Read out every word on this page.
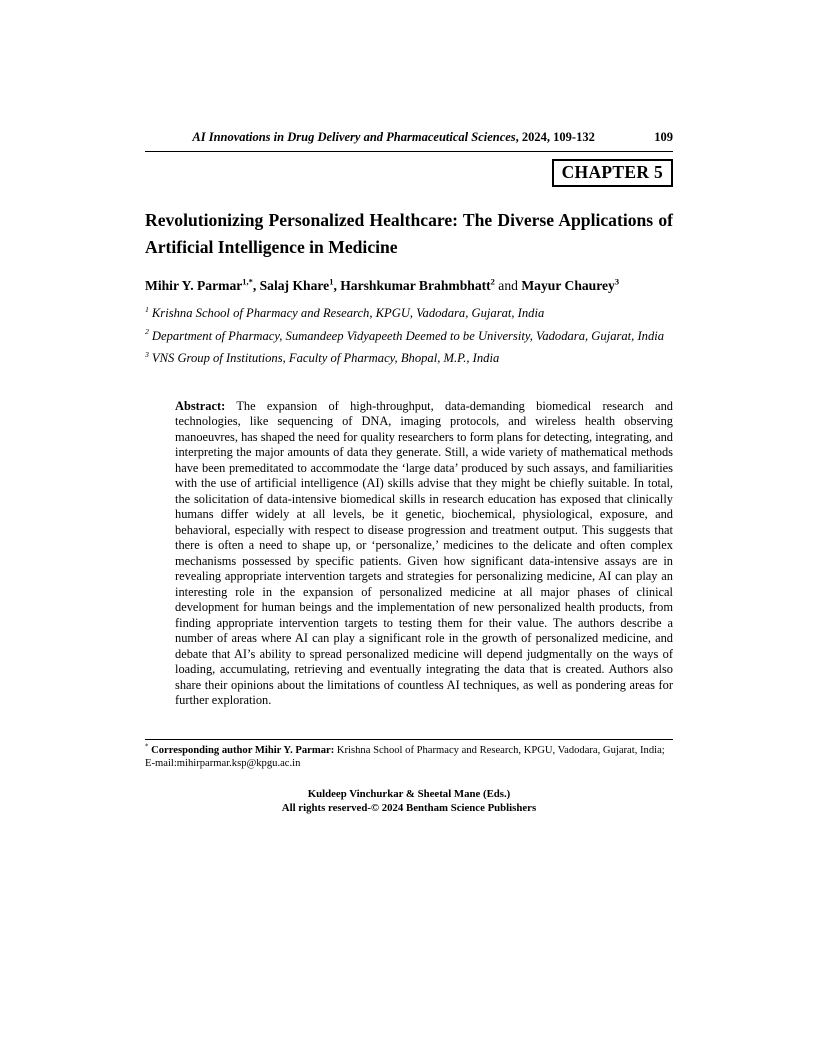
AI Innovations in Drug Delivery and Pharmaceutical Sciences, 2024, 109-132	109
CHAPTER 5
Revolutionizing Personalized Healthcare: The Diverse Applications of Artificial Intelligence in Medicine
Mihir Y. Parmar$^{1,*}$, Salaj Khare$^1$, Harshkumar Brahmbhatt$^2$ and Mayur Chaurey$^3$

$^1$ Krishna School of Pharmacy and Research, KPGU, Vadodara, Gujarat, India

$^2$ Department of Pharmacy, Sumandeep Vidyapeeth Deemed to be University, Vadodara, Gujarat, India

$^3$ VNS Group of Institutions, Faculty of Pharmacy, Bhopal, M.P., India

Abstract: The expansion of high-throughput, data-demanding biomedical research and technologies, like sequencing of DNA, imaging protocols, and wireless health observing manoeuvres, has shaped the need for quality researchers to form plans for detecting, integrating, and interpreting the major amounts of data they generate. Still, a wide variety of mathematical methods have been premeditated to accommodate the ‘large data’ produced by such assays, and familiarities with the use of artificial intelligence (AI) skills advise that they might be chiefly suitable. In total, the solicitation of data-intensive biomedical skills in research education has exposed that clinically humans differ widely at all levels, be it genetic, biochemical, physiological, exposure, and behavioral, especially with respect to disease progression and treatment output. This suggests that there is often a need to shape up, or ‘personalize,’ medicines to the delicate and often complex mechanisms possessed by specific patients. Given how significant data-intensive assays are in revealing appropriate intervention targets and strategies for personalizing medicine, AI can play an interesting role in the expansion of personalized medicine at all major phases of clinical development for human beings and the implementation of new personalized health products, from finding appropriate intervention targets to testing them for their value. The authors describe a number of areas where AI can play a significant role in the growth of personalized medicine, and debate that AI’s ability to spread personalized medicine will depend judgmentally on the ways of loading, accumulating, retrieving and eventually integrating the data that is created. Authors also share their opinions about the limitations of countless AI techniques, as well as pondering areas for further exploration.
* Corresponding author Mihir Y. Parmar: Krishna School of Pharmacy and Research, KPGU, Vadodara, Gujarat, India; E-mail:mihirparmar.ksp@kpgu.ac.in
Kuldeep Vinchurkar & Sheetal Mane (Eds.)
All rights reserved-© 2024 Bentham Science Publishers
